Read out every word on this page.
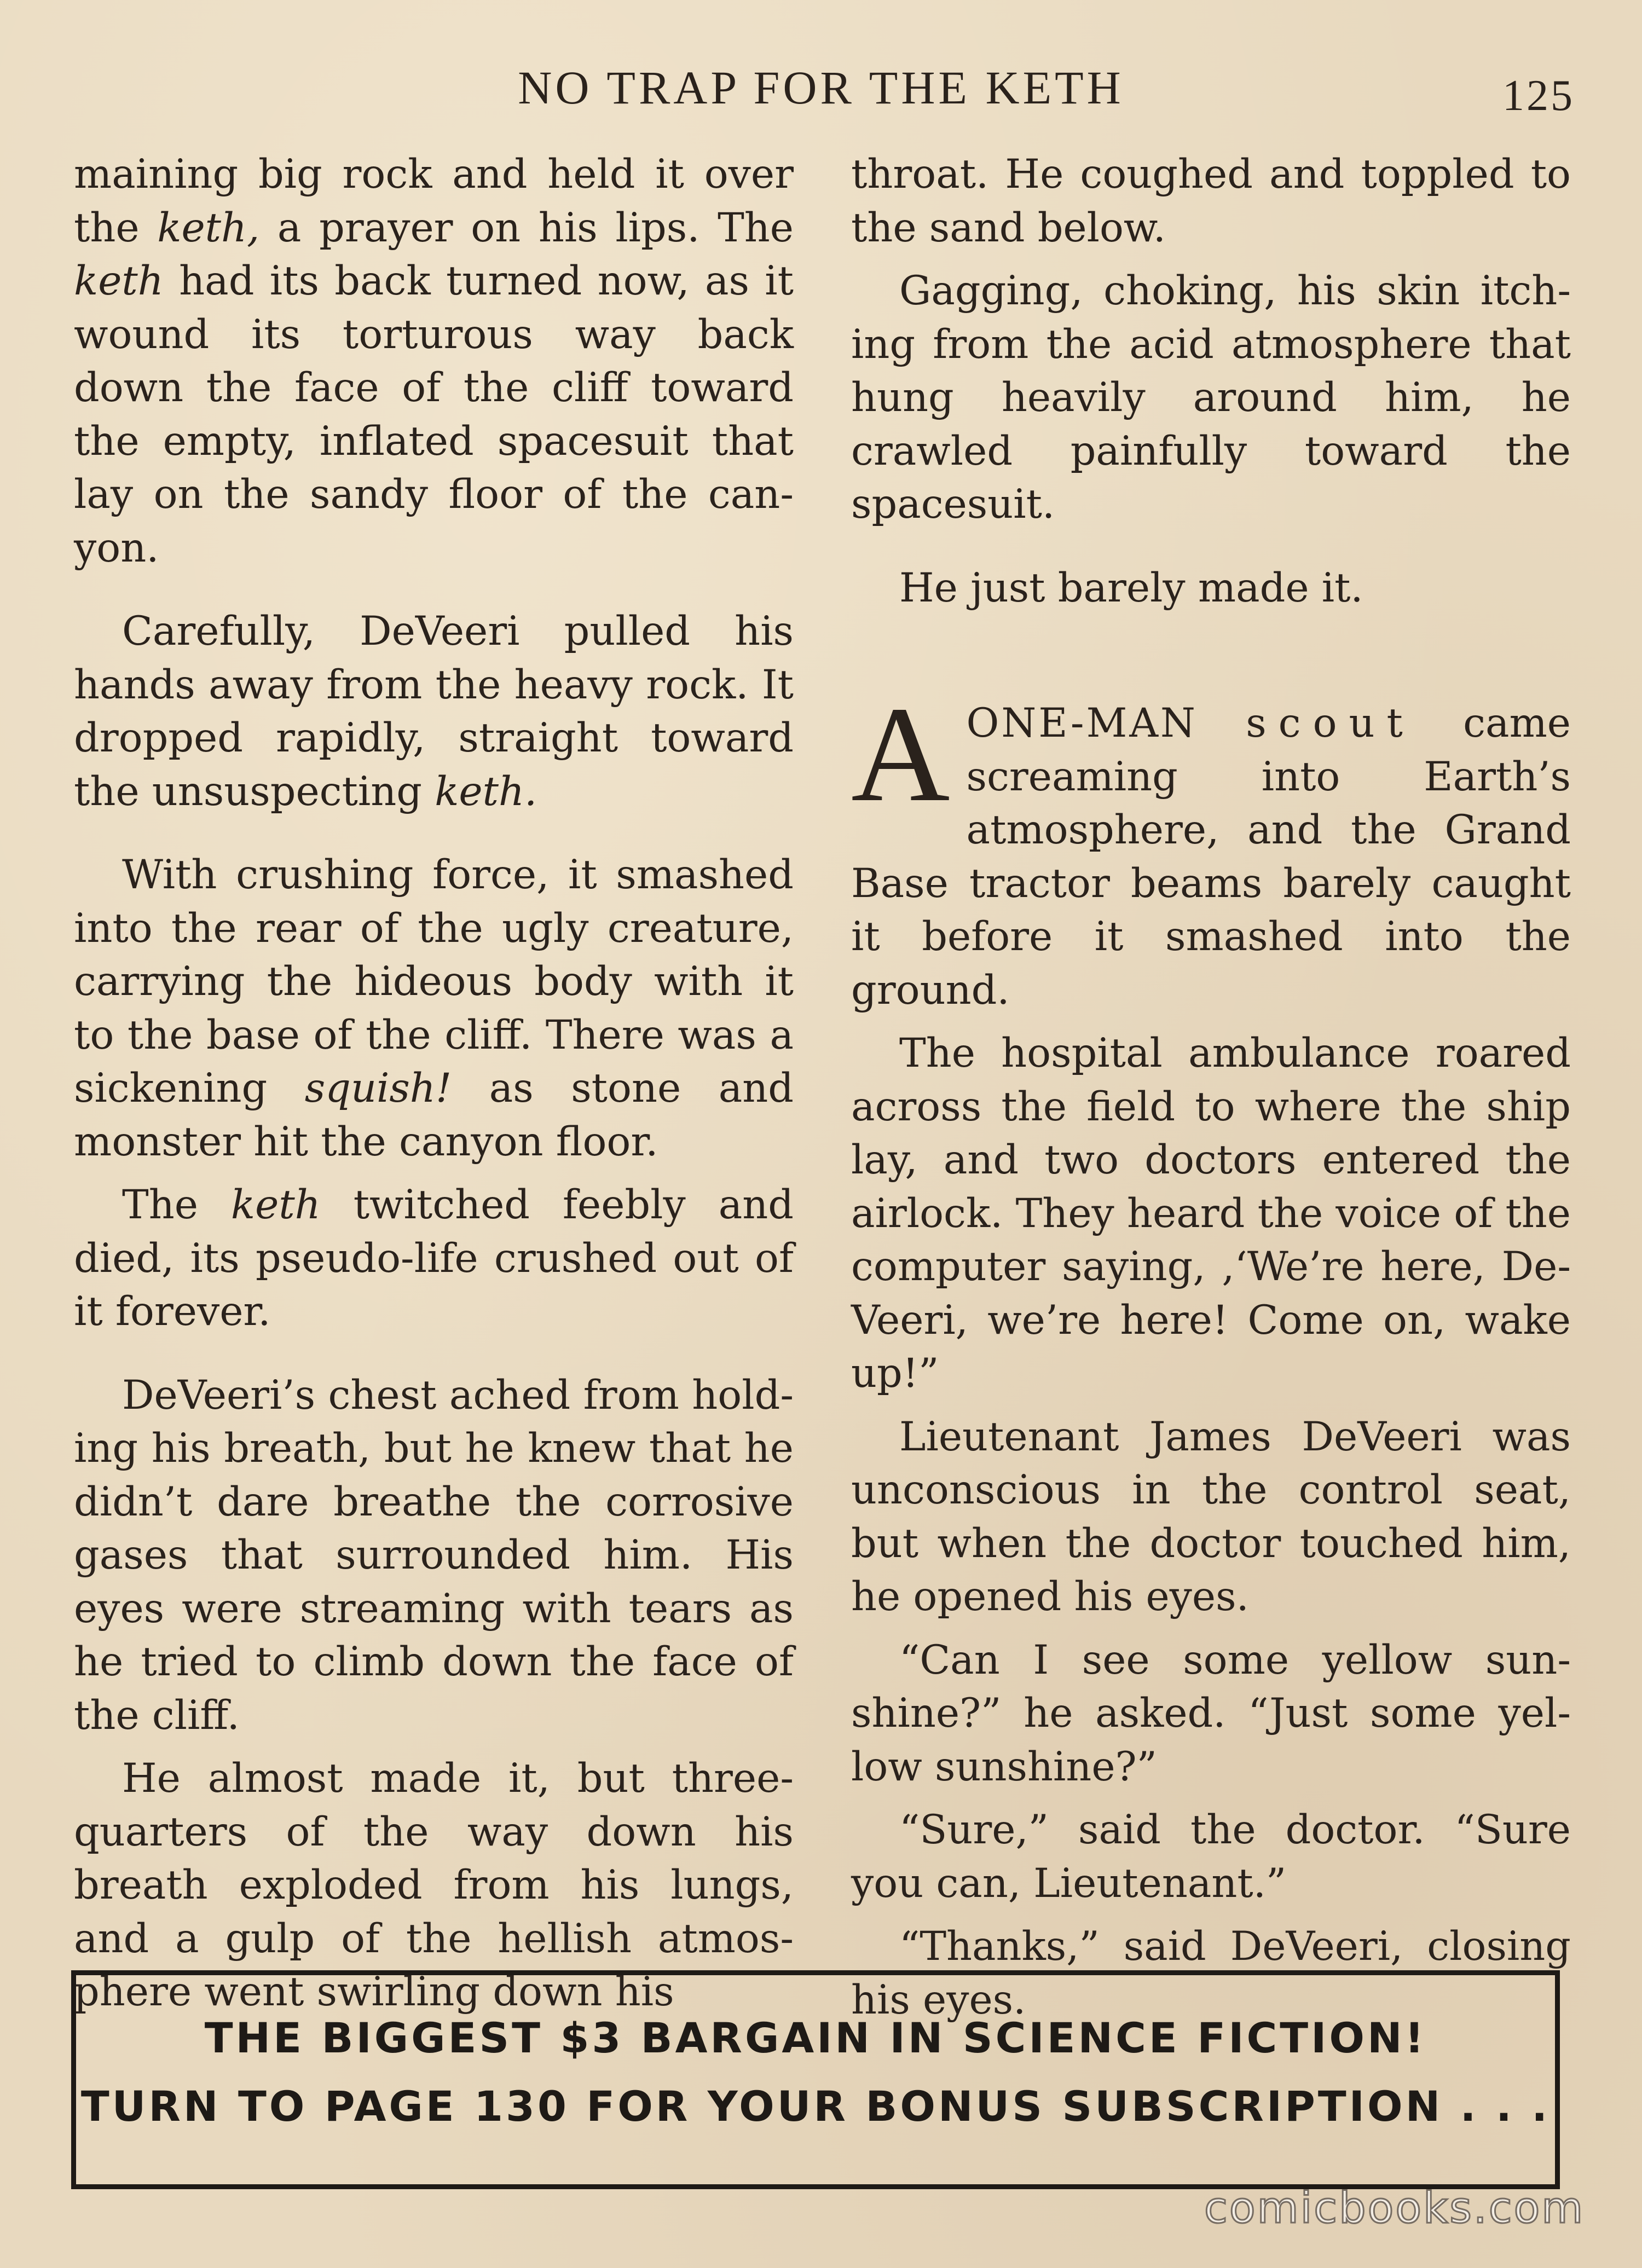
NO TRAP FOR THE KETH	125

maining big rock and held it over the keth, a prayer on his lips. The keth had its back turned now, as it wound its torturous way back down the face of the cliff toward the empty, inflated spacesuit that lay on the sandy floor of the canyon.

Carefully, DeVeeri pulled his hands away from the heavy rock. It dropped rapidly, straight toward the unsuspecting keth.

With crushing force, it smashed into the rear of the ugly creature, carrying the hideous body with it to the base of the cliff. There was a sickening squish! as stone and monster hit the canyon floor.

The keth twitched feebly and died, its pseudo-life crushed out of it forever.

DeVeeri’s chest ached from holding his breath, but he knew that he didn’t dare breathe the corrosive gases that surrounded him. His eyes were streaming with tears as he tried to climb down the face of the cliff.

He almost made it, but three-quarters of the way down his breath exploded from his lungs, and a gulp of the hellish atmosphere went swirling down his

throat. He coughed and toppled to the sand below.

Gagging, choking, his skin itching from the acid atmosphere that hung heavily around him, he crawled painfully toward the spacesuit.

He just barely made it.

AONE-MAN scout came screaming into Earth’s atmosphere, and the Grand Base tractor beams barely caught it before it smashed into the ground.

The hospital ambulance roared across the field to where the ship lay, and two doctors entered the airlock. They heard the voice of the computer saying, ,‘We’re here, DeVeeri, we’re here! Come on, wake up!”

Lieutenant James DeVeeri was unconscious in the control seat, but when the doctor touched him, he opened his eyes.

“Can I see some yellow sunshine?” he asked. “Just some yellow sunshine?”

“Sure,” said the doctor. “Sure you can, Lieutenant.”

“Thanks,” said DeVeeri, closing his eyes.

THE BIGGEST $3 BARGAIN IN SCIENCE FICTION!
TURN TO PAGE 130 FOR YOUR BONUS SUBSCRIPTION . . .
comicbooks.com
